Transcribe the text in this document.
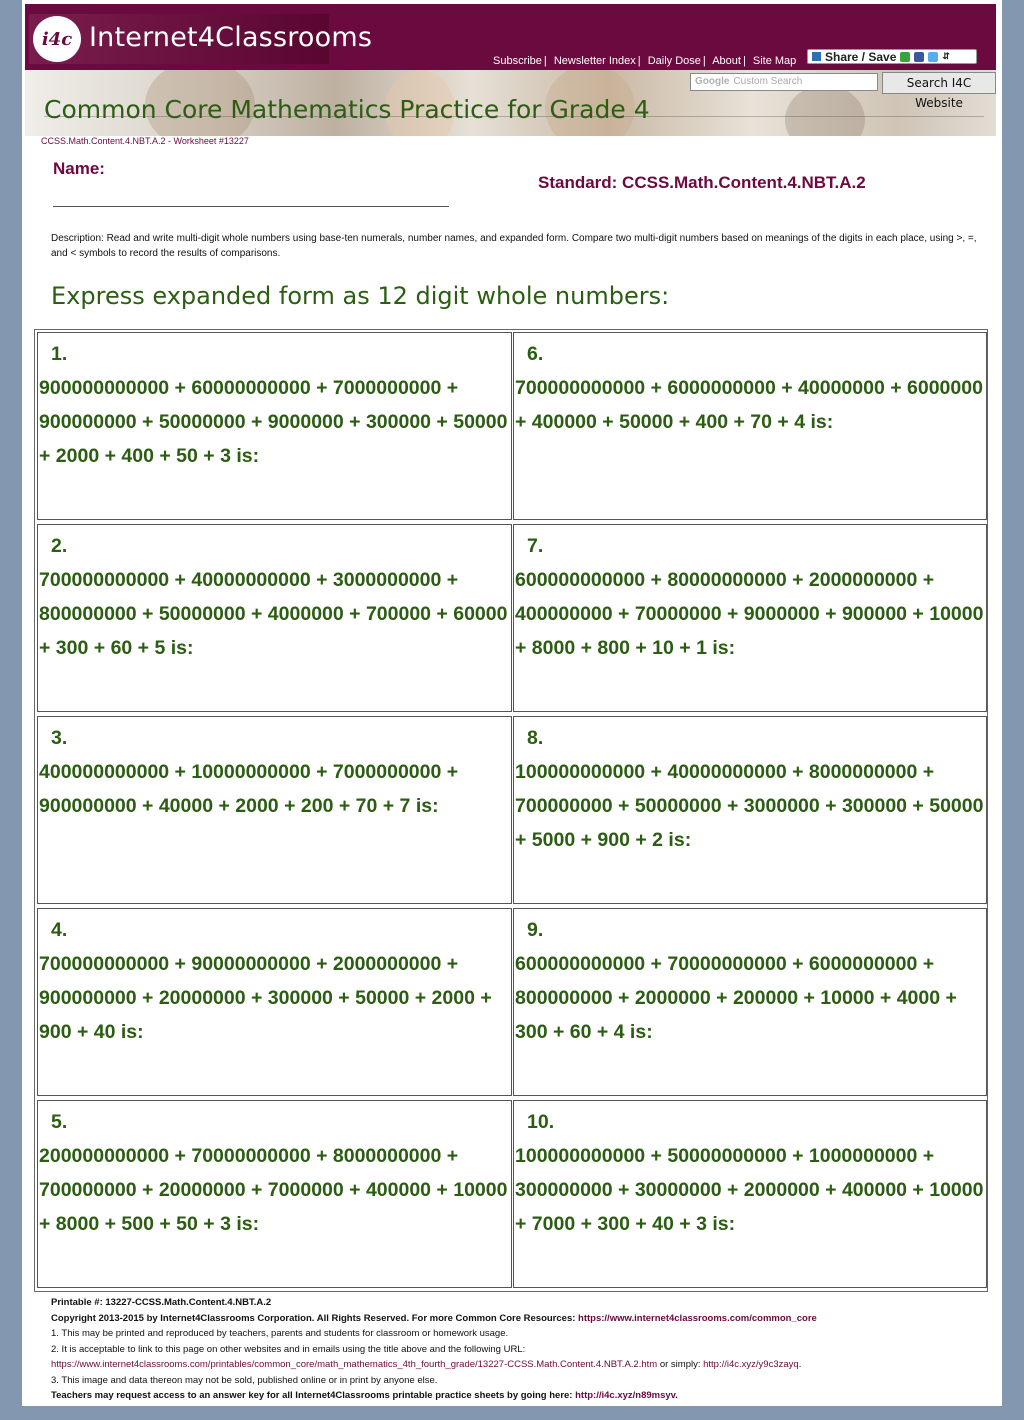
i4c Internet4Classrooms
Subscribe | Newsletter Index | Daily Dose | About | Site Map Share / Save	⇵
Google Custom Search	Search I4C Website
Common Core Mathematics Practice for Grade 4
CCSS.Math.Content.4.NBT.A.2 - Worksheet #13227
Name:
Standard: CCSS.Math.Content.4.NBT.A.2
Description: Read and write multi-digit whole numbers using base-ten numerals, number names, and expanded form. Compare two multi-digit numbers based on meanings of the digits in each place, using >, =, and < symbols to record the results of comparisons.
Express expanded form as 12 digit whole numbers:
1.
900000000000 + 60000000000 + 7000000000 + 900000000 + 50000000 + 9000000 + 300000 + 50000 + 2000 + 400 + 50 + 3 is:
2.
700000000000 + 40000000000 + 3000000000 + 800000000 + 50000000 + 4000000 + 700000 + 60000 + 300 + 60 + 5 is:
3.
400000000000 + 10000000000 + 7000000000 + 900000000 + 40000 + 2000 + 200 + 70 + 7 is:
4.
700000000000 + 90000000000 + 2000000000 + 900000000 + 20000000 + 300000 + 50000 + 2000 + 900 + 40 is:
5.
200000000000 + 70000000000 + 8000000000 + 700000000 + 20000000 + 7000000 + 400000 + 10000 + 8000 + 500 + 50 + 3 is:
6.
700000000000 + 6000000000 + 40000000 + 6000000 + 400000 + 50000 + 400 + 70 + 4 is:
7.
600000000000 + 80000000000 + 2000000000 + 400000000 + 70000000 + 9000000 + 900000 + 10000 + 8000 + 800 + 10 + 1 is:
8.
100000000000 + 40000000000 + 8000000000 + 700000000 + 50000000 + 3000000 + 300000 + 50000 + 5000 + 900 + 2 is:
9.
600000000000 + 70000000000 + 6000000000 + 800000000 + 2000000 + 200000 + 10000 + 4000 + 300 + 60 + 4 is:
10.
100000000000 + 50000000000 + 1000000000 + 300000000 + 30000000 + 2000000 + 400000 + 10000 + 7000 + 300 + 40 + 3 is:
Printable #: 13227-CCSS.Math.Content.4.NBT.A.2
Copyright 2013-2015 by Internet4Classrooms Corporation. All Rights Reserved. For more Common Core Resources: https://www.internet4classrooms.com/common_core
1. This may be printed and reproduced by teachers, parents and students for classroom or homework usage.
2. It is acceptable to link to this page on other websites and in emails using the title above and the following URL:
https://www.internet4classrooms.com/printables/common_core/math_mathematics_4th_fourth_grade/13227-CCSS.Math.Content.4.NBT.A.2.htm or simply: http://i4c.xyz/y9c3zayq.
3. This image and data thereon may not be sold, published online or in print by anyone else.
Teachers may request access to an answer key for all Internet4Classrooms printable practice sheets by going here: http://i4c.xyz/n89msyv.
